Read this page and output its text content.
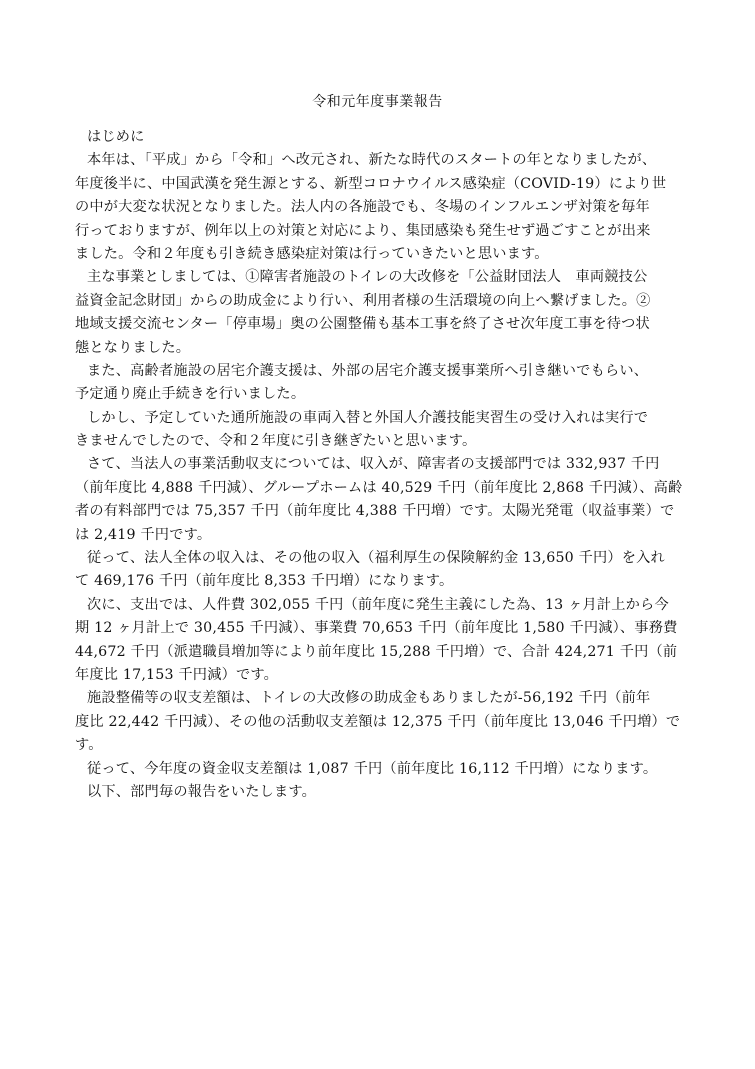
令和元年度事業報告
はじめに
本年は、「平成」から「令和」へ改元され、新たな時代のスタートの年となりましたが、
年度後半に、中国武漢を発生源とする、新型コロナウイルス感染症（COVID-19）により世
の中が大変な状況となりました。法人内の各施設でも、冬場のインフルエンザ対策を毎年
行っておりますが、例年以上の対策と対応により、集団感染も発生せず過ごすことが出来
ました。令和２年度も引き続き感染症対策は行っていきたいと思います。
主な事業としましては、①障害者施設のトイレの大改修を「公益財団法人　車両競技公
益資金記念財団」からの助成金により行い、利用者様の生活環境の向上へ繋げました。②
地域支援交流センター「停車場」奥の公園整備も基本工事を終了させ次年度工事を待つ状
態となりました。
また、高齢者施設の居宅介護支援は、外部の居宅介護支援事業所へ引き継いでもらい、
予定通り廃止手続きを行いました。
しかし、予定していた通所施設の車両入替と外国人介護技能実習生の受け入れは実行で
きませんでしたので、令和２年度に引き継ぎたいと思います。
さて、当法人の事業活動収支については、収入が、障害者の支援部門では 332,937 千円
（前年度比 4,888 千円減）、グループホームは 40,529 千円（前年度比 2,868 千円減）、高齢
者の有料部門では 75,357 千円（前年度比 4,388 千円増）です。太陽光発電（収益事業）で
は 2,419 千円です。
従って、法人全体の収入は、その他の収入（福利厚生の保険解約金 13,650 千円）を入れ
て 469,176 千円（前年度比 8,353 千円増）になります。
次に、支出では、人件費 302,055 千円（前年度に発生主義にした為、13 ヶ月計上から今
期 12 ヶ月計上で 30,455 千円減）、事業費 70,653 千円（前年度比 1,580 千円減）、事務費
44,672 千円（派遣職員増加等により前年度比 15,288 千円増）で、合計 424,271 千円（前
年度比 17,153 千円減）です。
施設整備等の収支差額は、トイレの大改修の助成金もありましたが-56,192 千円（前年
度比 22,442 千円減）、その他の活動収支差額は 12,375 千円（前年度比 13,046 千円増）で
す。
従って、今年度の資金収支差額は 1,087 千円（前年度比 16,112 千円増）になります。
以下、部門毎の報告をいたします。
